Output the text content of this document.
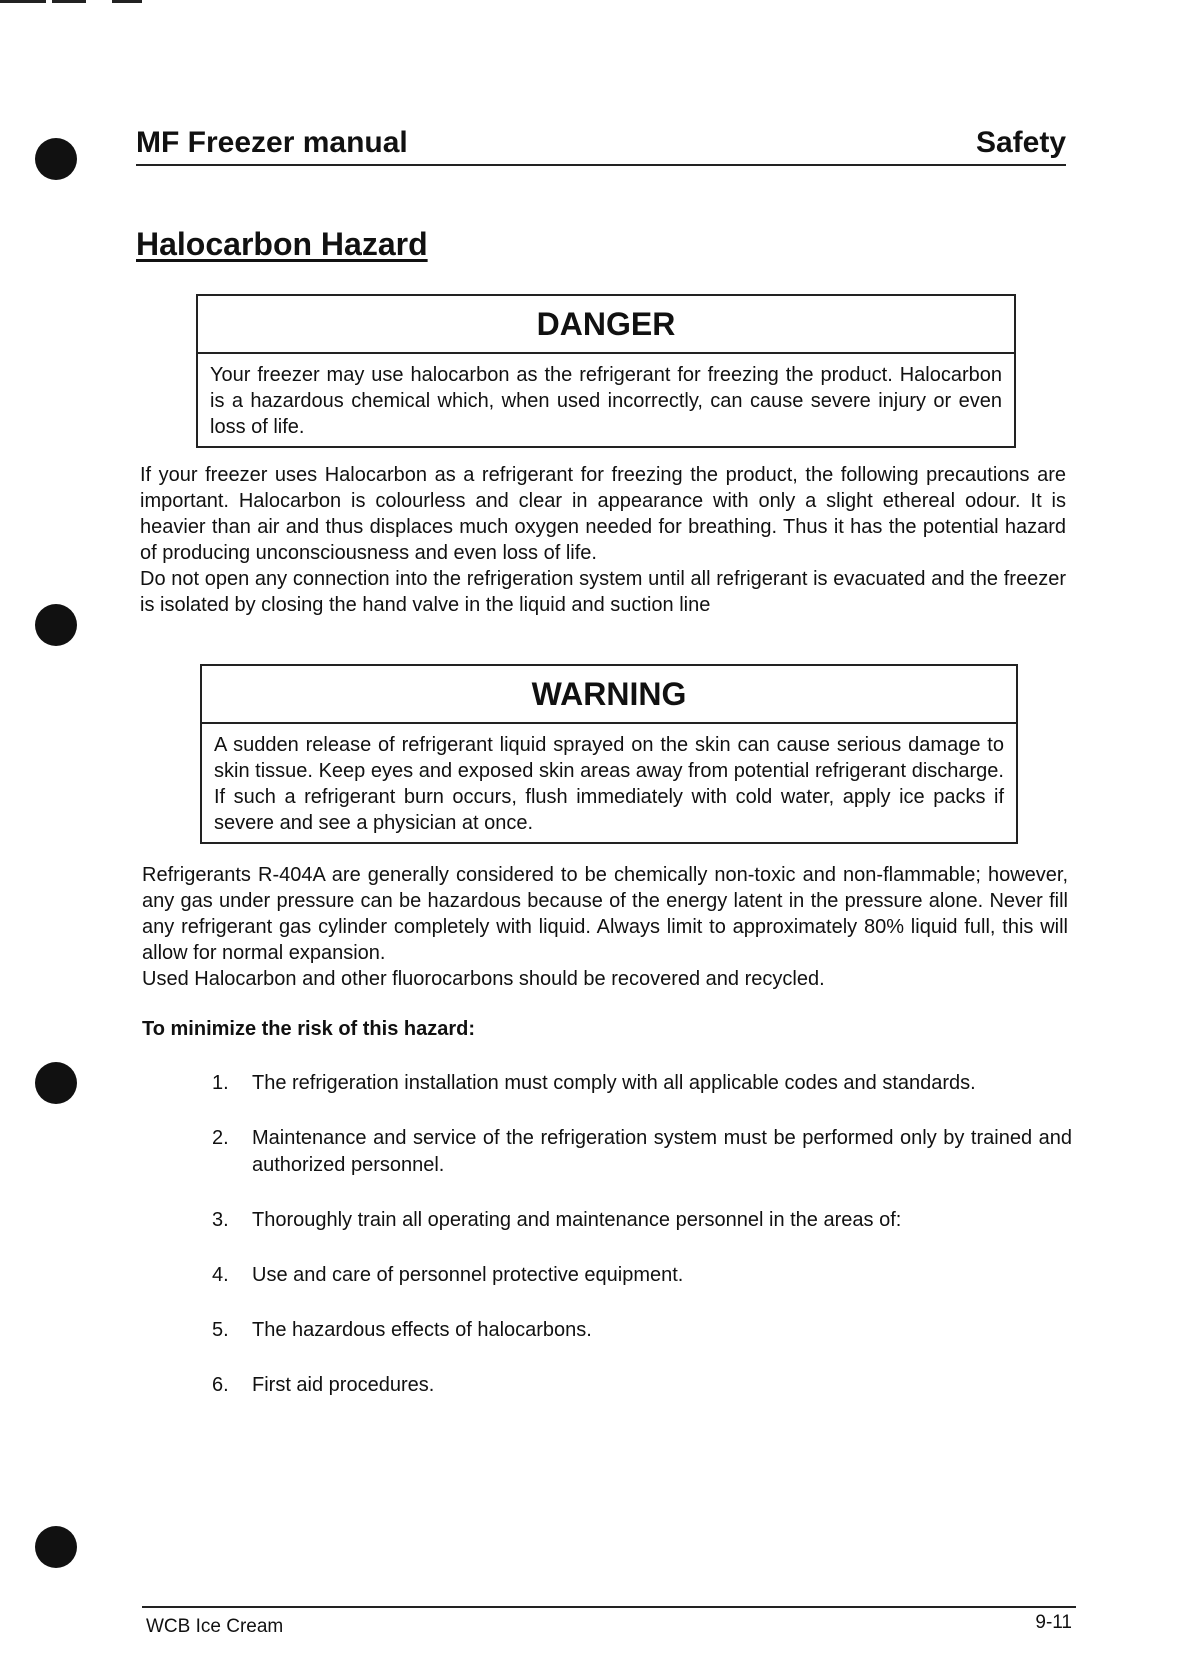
MF Freezer manual	Safety
Halocarbon Hazard
DANGER
Your freezer may use halocarbon as the refrigerant for freezing the product. Halocarbon is a hazardous chemical which, when used incorrectly, can cause severe injury or even loss of life.

If your freezer uses Halocarbon as a refrigerant for freezing the product, the following precautions are important. Halocarbon is colourless and clear in appearance with only a slight ethereal odour. It is heavier than air and thus displaces much oxygen needed for breathing. Thus it has the potential hazard of producing unconsciousness and even loss of life.

Do not open any connection into the refrigeration system until all refrigerant is evacuated and the freezer is isolated by closing the hand valve in the liquid and suction line

WARNING
A sudden release of refrigerant liquid sprayed on the skin can cause serious damage to skin tissue. Keep eyes and exposed skin areas away from potential refrigerant discharge. If such a refrigerant burn occurs, flush immediately with cold water, apply ice packs if severe and see a physician at once.

Refrigerants R-404A are generally considered to be chemically non-toxic and non-flammable; however, any gas under pressure can be hazardous because of the energy latent in the pressure alone. Never fill any refrigerant gas cylinder completely with liquid. Always limit to approximately 80% liquid full, this will allow for normal expansion.

Used Halocarbon and other fluorocarbons should be recovered and recycled.

To minimize the risk of this hazard:
1.	The refrigeration installation must comply with all applicable codes and standards.
2.	Maintenance and service of the refrigeration system must be performed only by trained and authorized personnel.
3.	Thoroughly train all operating and maintenance personnel in the areas of:
4.	Use and care of personnel protective equipment.
5.	The hazardous effects of halocarbons.
6.	First aid procedures.
WCB Ice Cream	9-11
